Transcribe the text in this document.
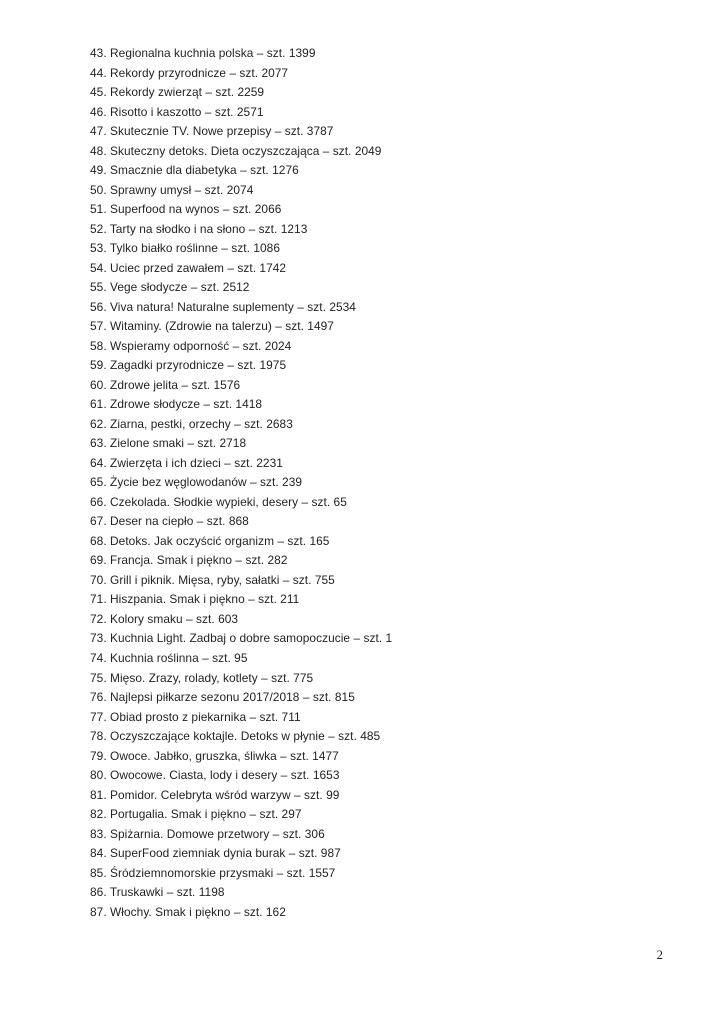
43. Regionalna kuchnia polska – szt. 1399
44. Rekordy przyrodnicze – szt. 2077
45. Rekordy zwierząt – szt. 2259
46. Risotto i kaszotto – szt. 2571
47. Skutecznie TV. Nowe przepisy – szt. 3787
48. Skuteczny detoks. Dieta oczyszczająca – szt. 2049
49. Smacznie dla diabetyka – szt. 1276
50. Sprawny umysł – szt. 2074
51. Superfood na wynos – szt. 2066
52. Tarty na słodko i na słono – szt. 1213
53. Tylko białko roślinne – szt. 1086
54. Uciec przed zawałem – szt. 1742
55. Vege słodycze – szt. 2512
56. Viva natura! Naturalne suplementy – szt. 2534
57. Witaminy. (Zdrowie na talerzu) – szt. 1497
58. Wspieramy odporność – szt. 2024
59. Zagadki przyrodnicze – szt. 1975
60. Zdrowe jelita – szt. 1576
61. Zdrowe słodycze – szt. 1418
62. Ziarna, pestki, orzechy – szt. 2683
63. Zielone smaki – szt. 2718
64. Zwierzęta i ich dzieci – szt. 2231
65. Życie bez węglowodanów – szt. 239
66. Czekolada. Słodkie wypieki, desery – szt. 65
67. Deser na ciepło – szt. 868
68. Detoks. Jak oczyścić organizm – szt. 165
69. Francja. Smak i piękno – szt. 282
70. Grill i piknik. Mięsa, ryby, sałatki – szt. 755
71. Hiszpania. Smak i piękno – szt. 211
72. Kolory smaku – szt. 603
73. Kuchnia Light. Zadbaj o dobre samopoczucie – szt. 1
74. Kuchnia roślinna – szt. 95
75. Mięso. Zrazy, rolady, kotlety – szt. 775
76. Najlepsi piłkarze sezonu 2017/2018 – szt. 815
77. Obiad prosto z piekarnika – szt. 711
78. Oczyszczające koktajle. Detoks w płynie – szt. 485
79. Owoce. Jabłko, gruszka, śliwka – szt. 1477
80. Owocowe. Ciasta, lody i desery – szt. 1653
81. Pomidor. Celebryta wśród warzyw – szt. 99
82. Portugalia. Smak i piękno – szt. 297
83. Spiżarnia. Domowe przetwory – szt. 306
84. SuperFood ziemniak dynia burak – szt. 987
85. Śródziemnomorskie przysmaki – szt. 1557
86. Truskawki – szt. 1198
87. Włochy. Smak i piękno – szt. 162
2
